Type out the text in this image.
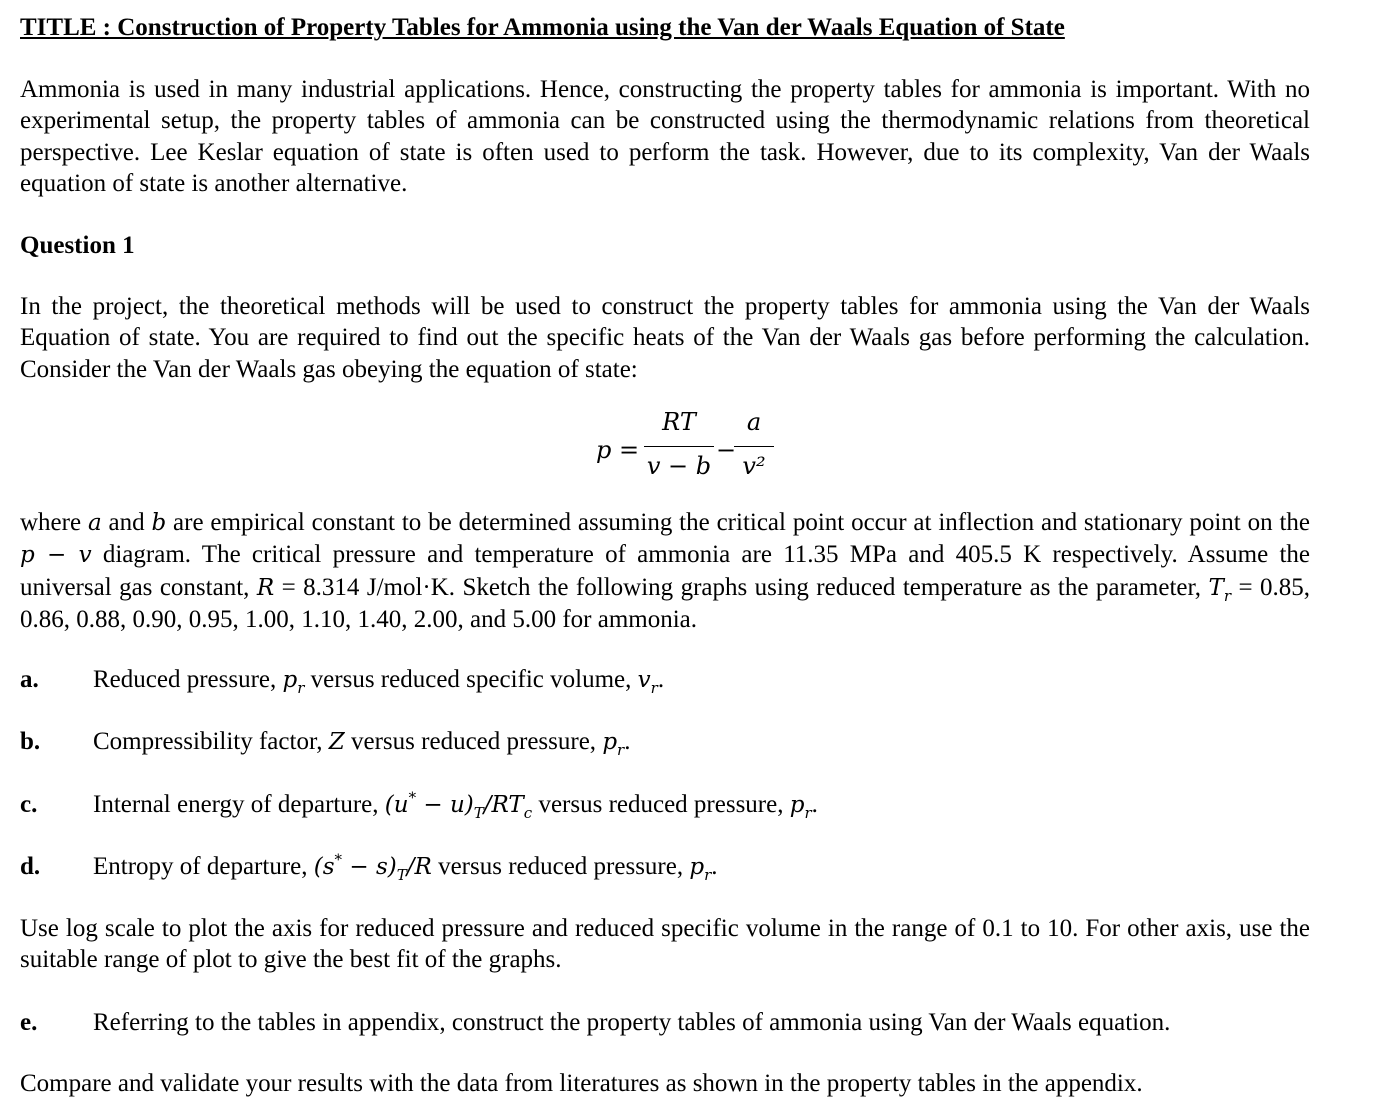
TITLE : Construction of Property Tables for Ammonia using the Van der Waals Equation of State

Ammonia is used in many industrial applications. Hence, constructing the property tables for ammonia is important. With no experimental setup, the property tables of ammonia can be constructed using the thermodynamic relations from theoretical perspective. Lee Keslar equation of state is often used to perform the task. However, due to its complexity, Van der Waals equation of state is another alternative.

Question 1

In the project, the theoretical methods will be used to construct the property tables for ammonia using the Van der Waals Equation of state. You are required to find out the specific heats of the Van der Waals gas before performing the calculation. Consider the Van der Waals gas obeying the equation of state:

p =
RT
v − b
−
a
v²

where a and b are empirical constant to be determined assuming the critical point occur at inflection and stationary point on the p − v diagram. The critical pressure and temperature of ammonia are 11.35 MPa and 405.5 K respectively. Assume the universal gas constant, R = 8.314 J/mol·K. Sketch the following graphs using reduced temperature as the parameter, $T_r = 0.85$, 0.86, 0.88, 0.90, 0.95, 1.00, 1.10, 1.40, 2.00, and 5.00 for ammonia.

a. Reduced pressure, $p_r$ versus reduced specific volume, $v_r$.
b. Compressibility factor, Z versus reduced pressure, $p_r$.
c. Internal energy of departure, $(u^* - u)_T/RT_c$ versus reduced pressure, $p_r$.
d. Entropy of departure, $(s^* - s)_T/R$ versus reduced pressure, $p_r$.

Use log scale to plot the axis for reduced pressure and reduced specific volume in the range of 0.1 to 10. For other axis, use the suitable range of plot to give the best fit of the graphs.

e. Referring to the tables in appendix, construct the property tables of ammonia using Van der Waals equation.

Compare and validate your results with the data from literatures as shown in the property tables in the appendix.
